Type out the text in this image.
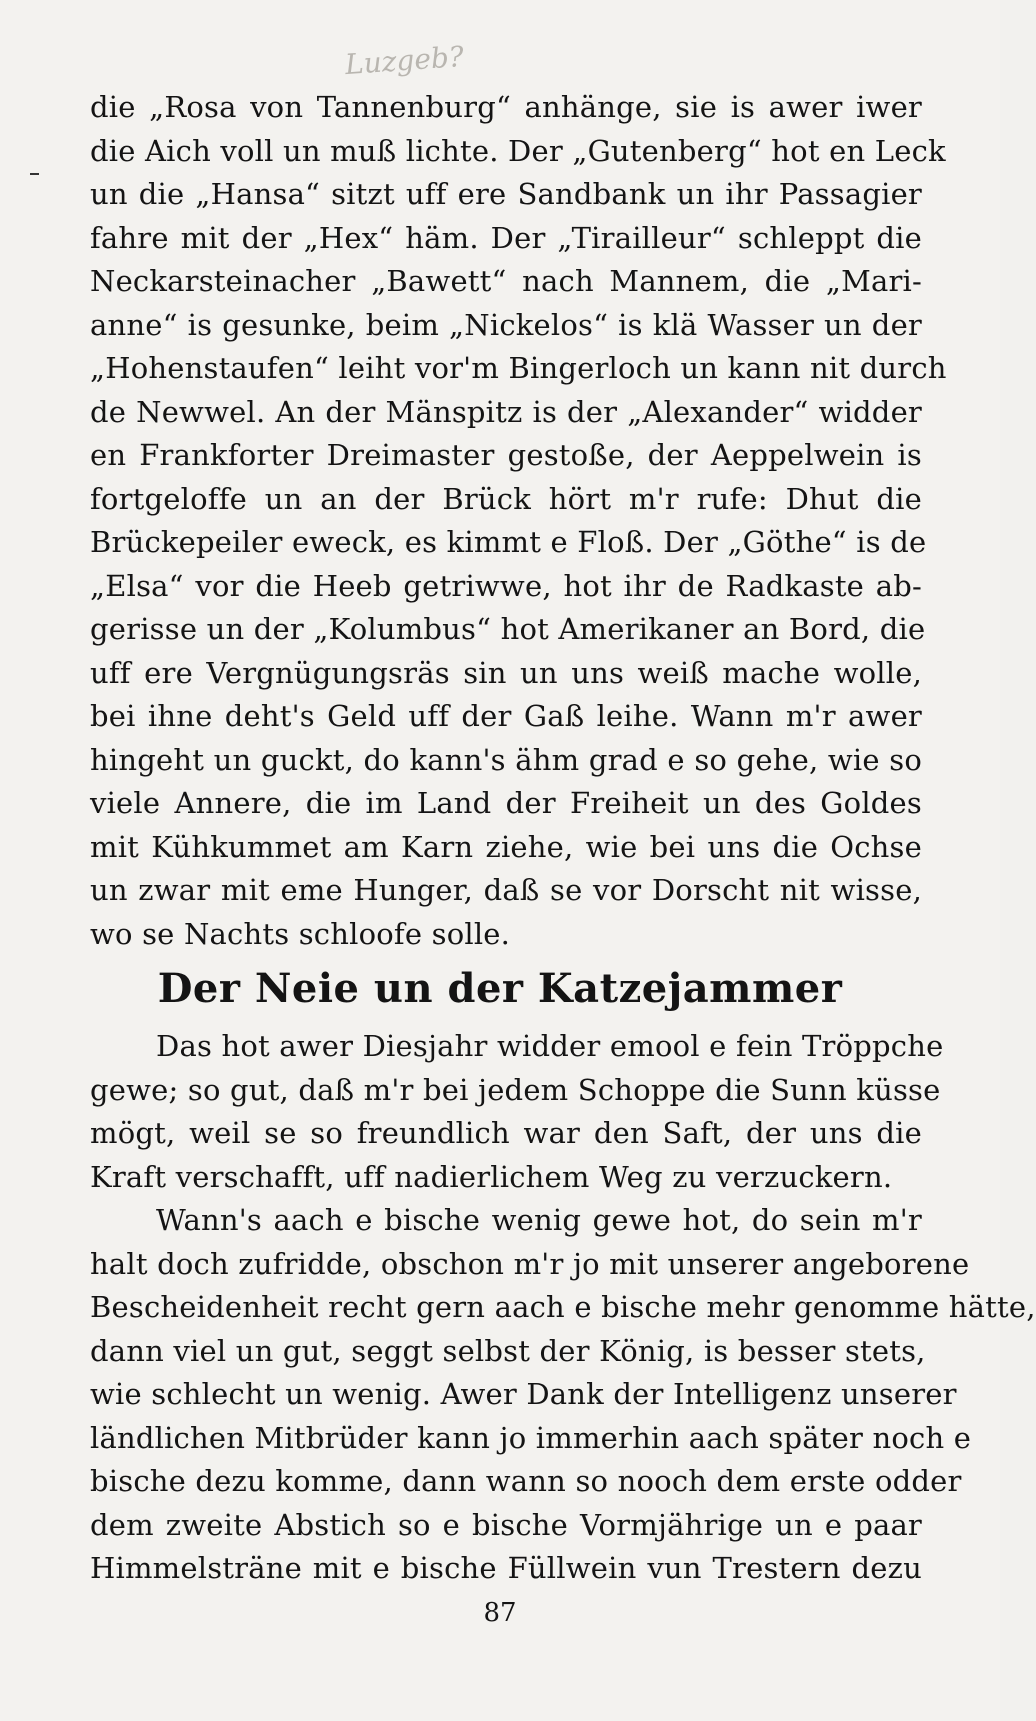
Luzgeb?
die „Rosa von Tannenburg“ anhänge, sie is awer iwer
die Aich voll un muß lichte. Der „Gutenberg“ hot en Leck
un die „Hansa“ sitzt uff ere Sandbank un ihr Passagier
fahre mit der „Hex“ häm. Der „Tirailleur“ schleppt die
Neckarsteinacher „Bawett“ nach Mannem, die „Mari-
anne“ is gesunke, beim „Nickelos“ is klä Wasser un der
„Hohenstaufen“ leiht vor'm Bingerloch un kann nit durch
de Newwel. An der Mänspitz is der „Alexander“ widder
en Frankforter Dreimaster gestoße, der Aeppelwein is
fortgeloffe un an der Brück hört m'r rufe: Dhut die
Brückepeiler eweck, es kimmt e Floß. Der „Göthe“ is de
„Elsa“ vor die Heeb getriwwe, hot ihr de Radkaste ab-
gerisse un der „Kolumbus“ hot Amerikaner an Bord, die
uff ere Vergnügungsräs sin un uns weiß mache wolle,
bei ihne deht's Geld uff der Gaß leihe. Wann m'r awer
hingeht un guckt, do kann's ähm grad e so gehe, wie so
viele Annere, die im Land der Freiheit un des Goldes
mit Kühkummet am Karn ziehe, wie bei uns die Ochse
un zwar mit eme Hunger, daß se vor Dorscht nit wisse,
wo se Nachts schloofe solle.
Der Neie un der Katzejammer
Das hot awer Diesjahr widder emool e fein Tröppche
gewe; so gut, daß m'r bei jedem Schoppe die Sunn küsse
mögt, weil se so freundlich war den Saft, der uns die
Kraft verschafft, uff nadierlichem Weg zu verzuckern.
Wann's aach e bische wenig gewe hot, do sein m'r
halt doch zufridde, obschon m'r jo mit unserer angeborene
Bescheidenheit recht gern aach e bische mehr genomme hätte,
dann viel un gut, seggt selbst der König, is besser stets,
wie schlecht un wenig. Awer Dank der Intelligenz unserer
ländlichen Mitbrüder kann jo immerhin aach später noch e
bische dezu komme, dann wann so nooch dem erste odder
dem zweite Abstich so e bische Vormjährige un e paar
Himmelsträne mit e bische Füllwein vun Trestern dezu
87
